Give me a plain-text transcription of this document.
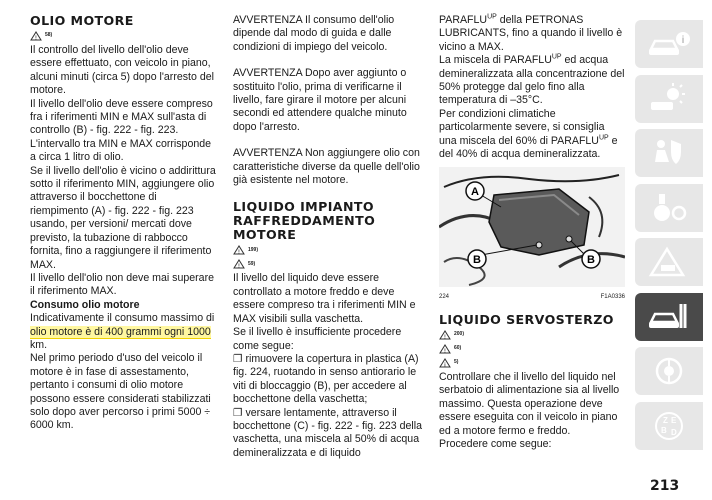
OLIO MOTORE
!
58)

Il controllo del livello dell'olio deve essere effettuato, con veicolo in piano, alcuni minuti (circa 5) dopo l'arresto del motore.

Il livello dell'olio deve essere compreso fra i riferimenti MIN e MAX sull'asta di controllo (B) - fig. 222 - fig. 223.

L'intervallo tra MIN e MAX corrisponde a circa 1 litro di olio.

Se il livello dell'olio è vicino o addirittura sotto il riferimento MIN, aggiungere olio attraverso il bocchettone di riempimento (A) - fig. 222 - fig. 223 usando, per versioni/ mercati dove previsto, la tubazione di rabbocco fornita, fino a raggiungere il riferimento MAX.

Il livello dell'olio non deve mai superare il riferimento MAX.

Consumo olio motore

Indicativamente il consumo massimo di
olio motore è di 400 grammi ogni 1000
km.

Nel primo periodo d'uso del veicolo il motore è in fase di assestamento, pertanto i consumi di olio motore possono essere considerati stabilizzati solo dopo aver percorso i primi 5000 ÷ 6000 km.

AVVERTENZA Il consumo dell'olio dipende dal modo di guida e dalle condizioni di impiego del veicolo.

AVVERTENZA Dopo aver aggiunto o sostituito l'olio, prima di verificarne il livello, fare girare il motore per alcuni secondi ed attendere qualche minuto dopo l'arresto.

AVVERTENZA Non aggiungere olio con caratteristiche diverse da quelle dell'olio già esistente nel motore.

LIQUIDO IMPIANTO RAFFREDDAMENTO MOTORE
!
199)
!
59)

Il livello del liquido deve essere controllato a motore freddo e deve essere compreso tra i riferimenti MIN e MAX visibili sulla vaschetta.

Se il livello è insufficiente procedere come segue:

❐ rimuovere la copertura in plastica (A) fig. 224, ruotando in senso antiorario le viti di bloccaggio (B), per accedere al bocchettone della vaschetta;

❐ versare lentamente, attraverso il bocchettone (C) - fig. 222 - fig. 223 della vaschetta, una miscela al 50% di acqua demineralizzata e di liquido

$PARAFLU^{UP}$ della PETRONAS LUBRICANTS, fino a quando il livello è vicino a MAX.

La miscela di $PARAFLU^{UP}$ ed acqua demineralizzata alla concentrazione del 50% protegge dal gelo fino alla temperatura di –35°C.

Per condizioni climatiche particolarmente severe, si consiglia una miscela del 60% di $PARAFLU^{UP}$ e del 40% di acqua demineralizzata.

A
B	B
224	F1A0336
LIQUIDO SERVOSTERZO
!
200)
!
60)
i
5)

Controllare che il livello del liquido nel serbatoio di alimentazione sia al livello massimo. Questa operazione deve essere eseguita con il veicolo in piano ed a motore fermo e freddo.

Procedere come segue:

i
Z E
B D
213
